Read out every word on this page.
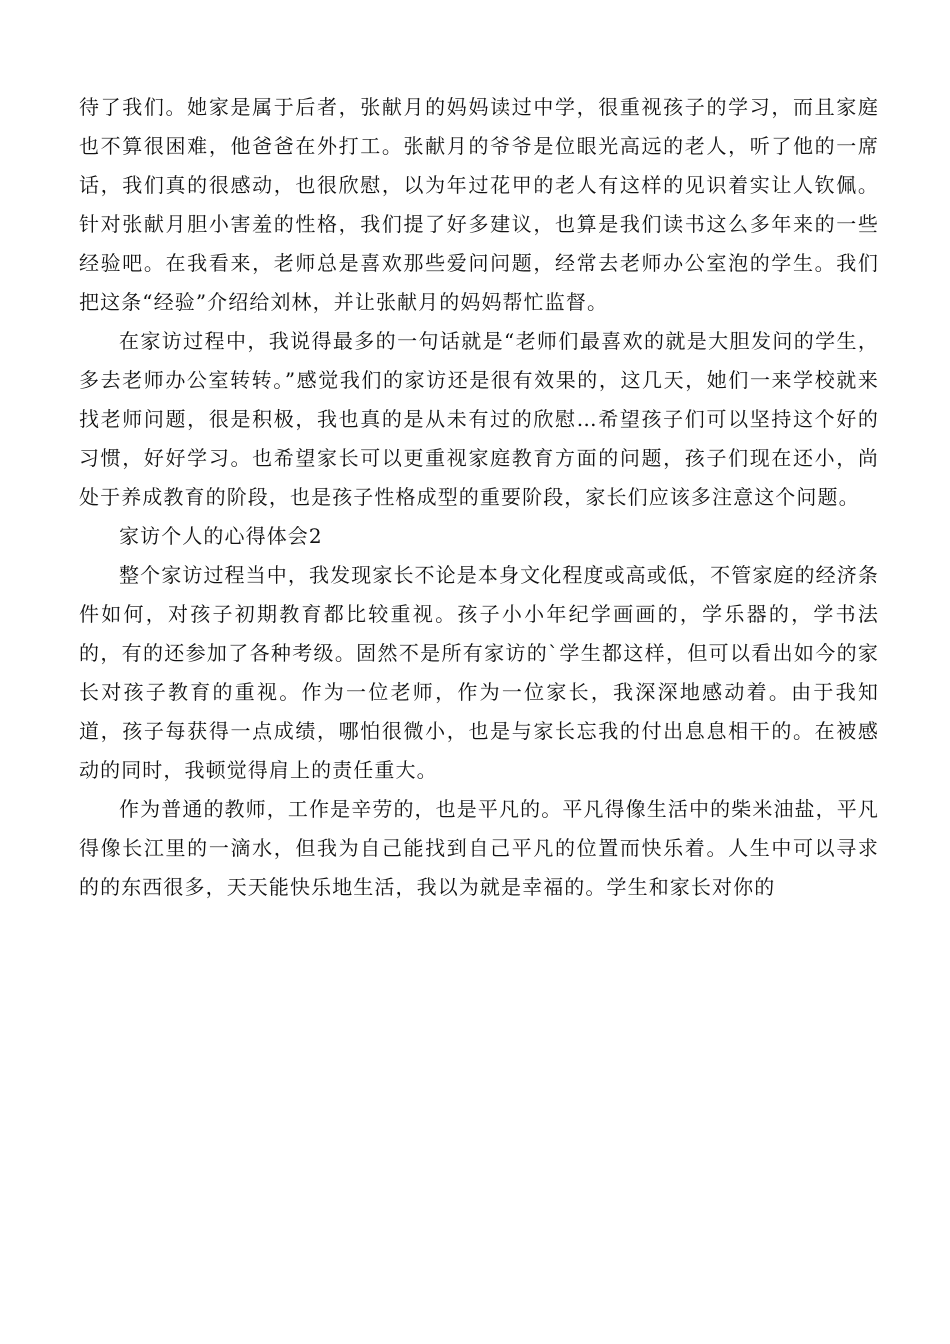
待了我们。她家是属于后者，张献月的妈妈读过中学，很重视孩子的学习，而且家庭也不算很困难，他爸爸在外打工。张献月的爷爷是位眼光高远的老人，听了他的一席话，我们真的很感动，也很欣慰，以为年过花甲的老人有这样的见识着实让人钦佩。针对张献月胆小害羞的性格，我们提了好多建议，也算是我们读书这么多年来的一些经验吧。在我看来，老师总是喜欢那些爱问问题，经常去老师办公室泡的学生。我们把这条“经验”介绍给刘林，并让张献月的妈妈帮忙监督。

在家访过程中，我说得最多的一句话就是“老师们最喜欢的就是大胆发问的学生，多去老师办公室转转。”感觉我们的家访还是很有效果的，这几天，她们一来学校就来找老师问题，很是积极，我也真的是从未有过的欣慰…希望孩子们可以坚持这个好的习惯，好好学习。也希望家长可以更重视家庭教育方面的问题，孩子们现在还小，尚处于养成教育的阶段，也是孩子性格成型的重要阶段，家长们应该多注意这个问题。

家访个人的心得体会2

整个家访过程当中，我发现家长不论是本身文化程度或高或低，不管家庭的经济条件如何，对孩子初期教育都比较重视。孩子小小年纪学画画的，学乐器的，学书法的，有的还参加了各种考级。固然不是所有家访的`学生都这样，但可以看出如今的家长对孩子教育的重视。作为一位老师，作为一位家长，我深深地感动着。由于我知道，孩子每获得一点成绩，哪怕很微小，也是与家长忘我的付出息息相干的。在被感动的同时，我顿觉得肩上的责任重大。

作为普通的教师，工作是辛劳的，也是平凡的。平凡得像生活中的柴米油盐，平凡得像长江里的一滴水，但我为自己能找到自己平凡的位置而快乐着。人生中可以寻求的的东西很多，天天能快乐地生活，我以为就是幸福的。学生和家长对你的
